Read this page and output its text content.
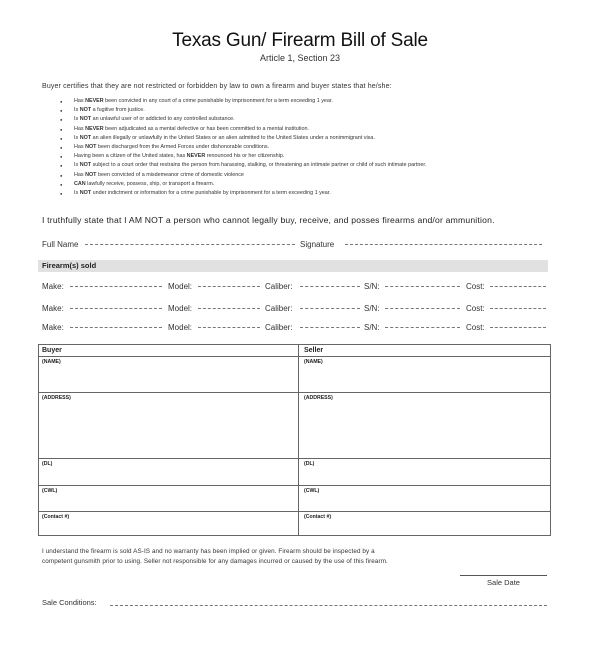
Texas Gun/ Firearm Bill of Sale
Article 1, Section 23
Buyer certifies that they are not restricted or forbidden by law to own a firearm and buyer states that he/she:
● Has NEVER been convicted in any court of a crime punishable by imprisonment for a term exceeding 1 year.
● Is NOT a fugitive from justice.
● Is NOT an unlawful user of or addicted to any controlled substance.
● Has NEVER been adjudicated as a mental defective or has been committed to a mental institution.
● Is NOT an alien illegally or unlawfully in the United States or an alien admitted to the United States under a nonimmigrant visa.
● Has NOT been discharged from the Armed Forces under dishonorable conditions.
● Having been a citizen of the United states, has NEVER renounced his or her citizenship.
● Is NOT subject to a court order that restrains the person from harassing, stalking, or threatening an intimate partner or child of such intimate partner.
● Has NOT been convicted of a misdemeanor crime of domestic violence
● CAN lawfully receive, possess, ship, or transport a firearm.
● Is NOT under indictment or information for a crime punishable by imprisonment for a term exceeding 1 year.
I truthfully state that I AM NOT a person who cannot legally buy, receive, and posses firearms and/or ammunition.
Full Name	Signature
Firearm(s) sold
Make:	Model:	Caliber:	S/N:	Cost:
Make:	Model:	Caliber:	S/N:	Cost:
Make:	Model:	Caliber:	S/N:	Cost:
Buyer	Seller
(NAME)	(NAME)
(ADDRESS)	(ADDRESS)
(DL)	(DL)
(CWL)	(CWL)
(Contact #)	(Contact #)
I understand the firearm is sold AS-IS and no warranty has been implied or given. Firearm should be inspected by a
competent gunsmith prior to using. Seller not responsible for any damages incurred or caused by the use of this firearm.
Sale Date
Sale Conditions:
